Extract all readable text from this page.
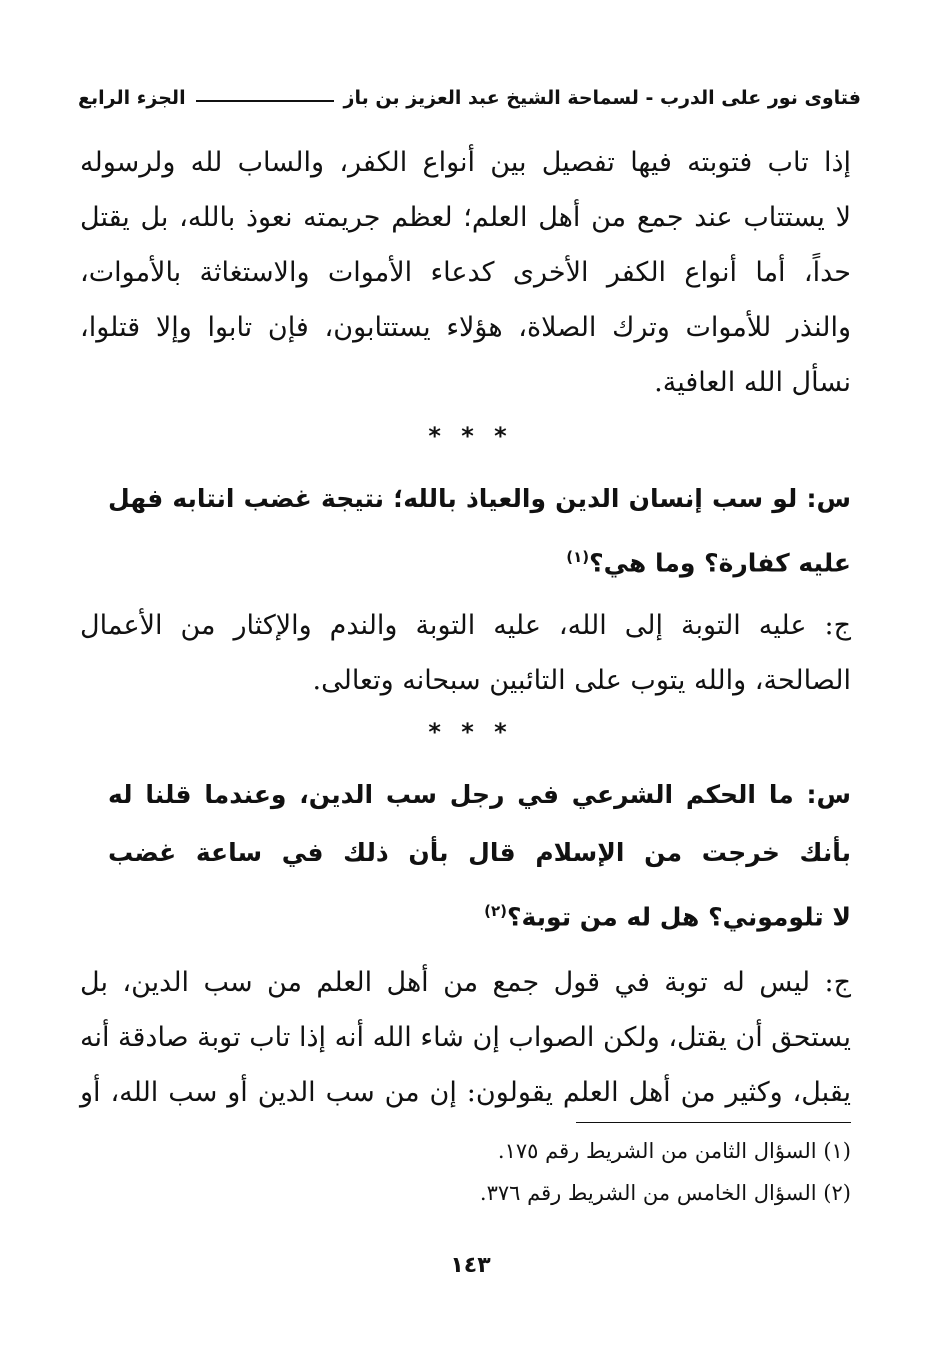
فتاوى نور على الدرب - لسماحة الشيخ عبد العزيز بن باز
الجزء الرابع
إذا تاب فتوبته فيها تفصيل بين أنواع الكفر، والساب لله ولرسوله
لا يستتاب عند جمع من أهل العلم؛ لعظم جريمته نعوذ بالله، بل يقتل
حداً، أما أنواع الكفر الأخرى كدعاء الأموات والاستغاثة بالأموات،
والنذر للأموات وترك الصلاة، هؤلاء يستتابون، فإن تابوا وإلا قتلوا،
نسأل الله العافية.
* * *
س: لو سب إنسان الدين والعياذ بالله؛ نتيجة غضب انتابه فهل
عليه كفارة؟ وما هي؟$^{(١)}$
ج: عليه التوبة إلى الله، عليه التوبة والندم والإكثار من الأعمال
الصالحة، والله يتوب على التائبين سبحانه وتعالى.
* * *
س: ما الحكم الشرعي في رجل سب الدين، وعندما قلنا له
بأنك خرجت من الإسلام قال بأن ذلك في ساعة غضب
لا تلوموني؟ هل له من توبة؟$^{(٢)}$
ج: ليس له توبة في قول جمع من أهل العلم من سب الدين، بل
يستحق أن يقتل، ولكن الصواب إن شاء الله أنه إذا تاب توبة صادقة أنه
يقبل، وكثير من أهل العلم يقولون: إن من سب الدين أو سب الله، أو
(١) السؤال الثامن من الشريط رقم ١٧٥.
(٢) السؤال الخامس من الشريط رقم ٣٧٦.
١٤٣
